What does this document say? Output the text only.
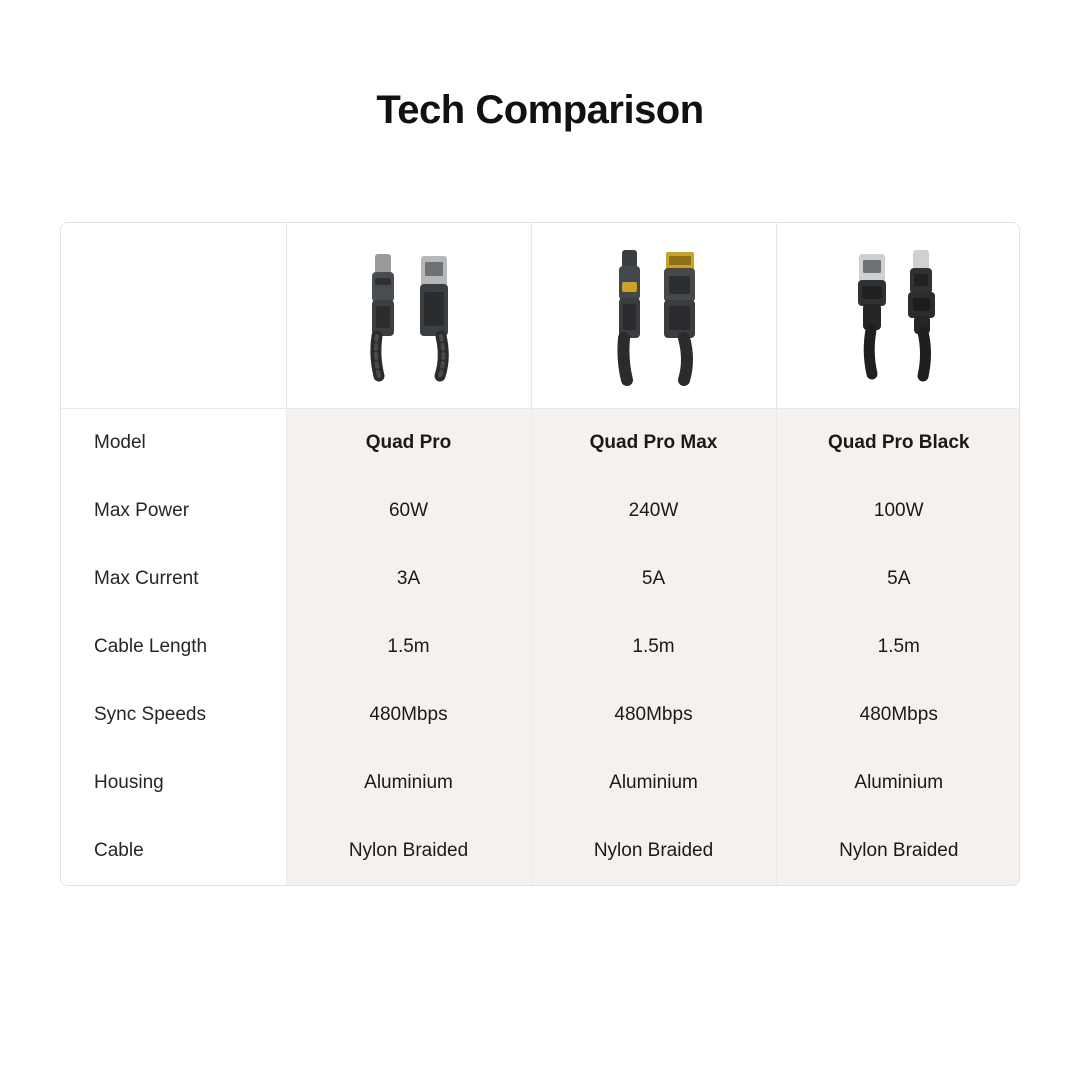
Tech Comparison

Model	Quad Pro	Quad Pro Max	Quad Pro Black
Max Power	60W	240W	100W
Max Current	3A	5A	5A
Cable Length	1.5m	1.5m	1.5m
Sync Speeds	480Mbps	480Mbps	480Mbps
Housing	Aluminium	Aluminium	Aluminium
Cable	Nylon Braided	Nylon Braided	Nylon Braided
